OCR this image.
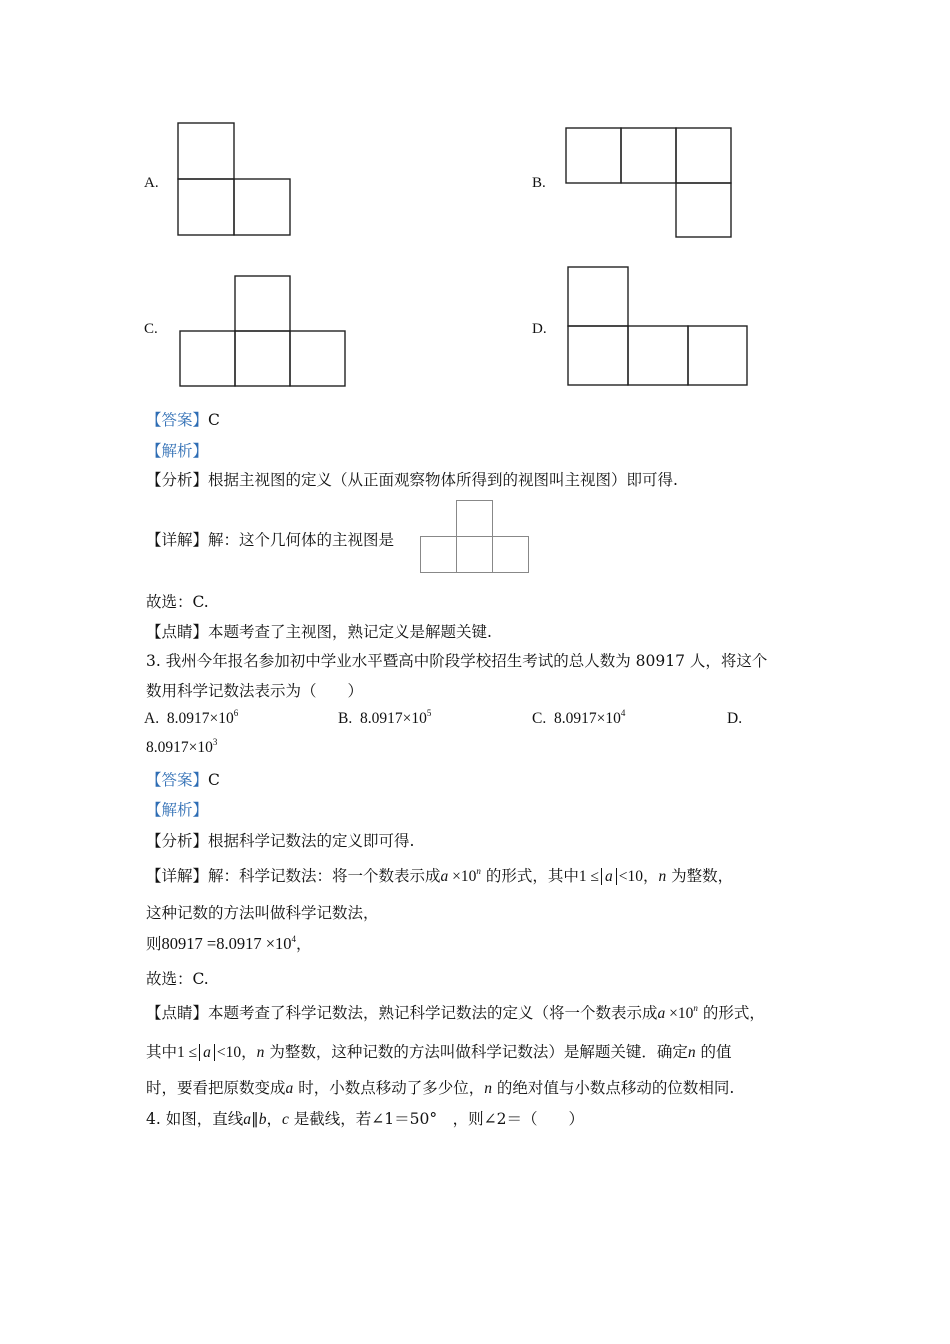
A.	B.
C.	D.
【答案】C
【解析】
【分析】根据主视图的定义（从正面观察物体所得到的视图叫主视图）即可得.
【详解】解：这个几何体的主视图是
故选：C.
【点睛】本题考查了主视图，熟记定义是解题关键.
3. 我州今年报名参加初中学业水平暨高中阶段学校招生考试的总人数为 80917 人，将这个
数用科学记数法表示为（　　）
A. $8.0917\times 10^6$	B. $8.0917\times 10^5$	C. $8.0917\times 10^4$	D.
$8.0917\times 10^3$
【答案】C
【解析】
【分析】根据科学记数法的定义即可得.
【详解】解：科学记数法：将一个数表示成$a \times 10^n$ 的形式，其中1 ≤ a <10，n 为整数，
这种记数的方法叫做科学记数法，
则$80917 =8.0917 \times 10^4$，
故选：C.
【点睛】本题考查了科学记数法，熟记科学记数法的定义（将一个数表示成$a \times 10^n$ 的形式，
其中1 ≤ a <10，n 为整数，这种记数的方法叫做科学记数法）是解题关键．确定n 的值
时，要看把原数变成a 时，小数点移动了多少位，n 的绝对值与小数点移动的位数相同.
4. 如图，直线a∥b，c 是截线，若∠1＝50°　，则∠2＝（　　）
